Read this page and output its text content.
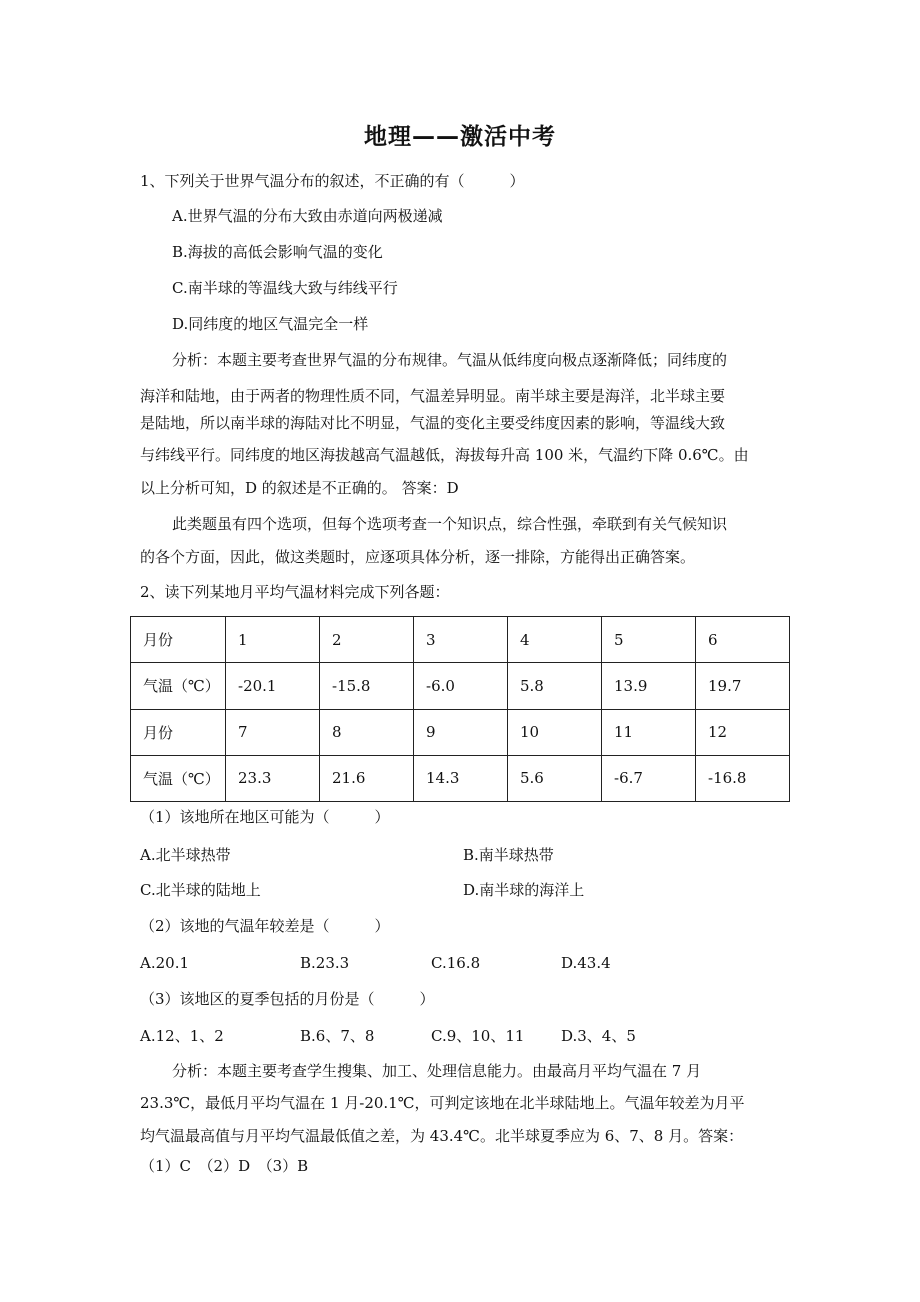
地理——激活中考
1、下列关于世界气温分布的叙述，不正确的有（　　　）
A.世界气温的分布大致由赤道向两极递减
B.海拔的高低会影响气温的变化
C.南半球的等温线大致与纬线平行
D.同纬度的地区气温完全一样
分析：本题主要考查世界气温的分布规律。气温从低纬度向极点逐渐降低；同纬度的
海洋和陆地，由于两者的物理性质不同，气温差异明显。南半球主要是海洋，北半球主要
是陆地，所以南半球的海陆对比不明显，气温的变化主要受纬度因素的影响，等温线大致
与纬线平行。同纬度的地区海拔越高气温越低，海拔每升高 100 米，气温约下降 0.6℃。由
以上分析可知，D 的叙述是不正确的。 答案：D
此类题虽有四个选项，但每个选项考查一个知识点，综合性强，牵联到有关气候知识
的各个方面，因此，做这类题时，应逐项具体分析，逐一排除，方能得出正确答案。
2、读下列某地月平均气温材料完成下列各题：
月份	1	2	3	4	5	6
气温（℃）	-20.1	-15.8	-6.0	5.8	13.9	19.7
月份	7	8	9	10	11	12
气温（℃）	23.3	21.6	14.3	5.6	-6.7	-16.8
（1）该地所在地区可能为（　　　）
A.北半球热带	B.南半球热带
C.北半球的陆地上	D.南半球的海洋上
（2）该地的气温年较差是（　　　）
A.20.1	B.23.3	C.16.8	D.43.4
（3）该地区的夏季包括的月份是（　　　）
A.12、1、2	B.6、7、8	C.9、10、11 D.3、4、5
分析：本题主要考查学生搜集、加工、处理信息能力。由最高月平均气温在 7 月
23.3℃，最低月平均气温在 1 月-20.1℃，可判定该地在北半球陆地上。气温年较差为月平
均气温最高值与月平均气温最低值之差，为 43.4℃。北半球夏季应为 6、7、8 月。答案：
（1）C　（2）D　（3）B
